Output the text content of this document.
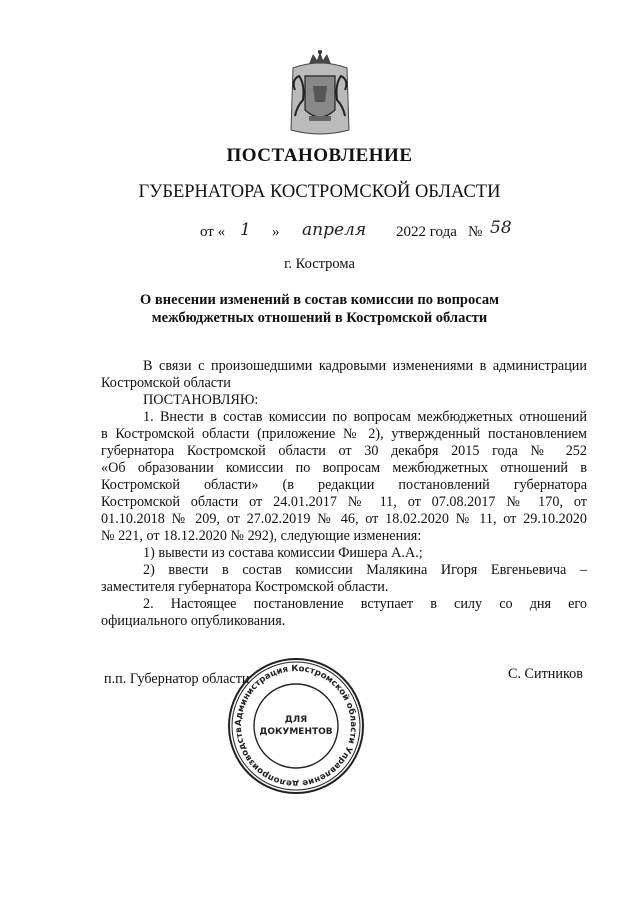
ПОСТАНОВЛЕНИЕ
ГУБЕРНАТОРА КОСТРОМСКОЙ ОБЛАСТИ
от « 1 » апреля 2022 года № 58
г. Кострома
О внесении изменений в состав комиссии по вопросам
межбюджетных отношений в Костромской области

В связи с произошедшими кадровыми изменениями в администрации

Костромской области

ПОСТАНОВЛЯЮ:

1. Внести в состав комиссии по вопросам межбюджетных отношений

в Костромской области (приложение № 2), утвержденный постановлением

губернатора Костромской области от 30 декабря 2015 года № 252

«Об образовании комиссии по вопросам межбюджетных отношений в

Костромской области» (в редакции постановлений губернатора

Костромской области от 24.01.2017 № 11, от 07.08.2017 № 170, от

01.10.2018 № 209, от 27.02.2019 № 46, от 18.02.2020 № 11, от 29.10.2020

№ 221, от 18.12.2020 № 292), следующие изменения:

1) вывести из состава комиссии Фишера А.А.;

2) ввести в состав комиссии Малякина Игоря Евгеньевича –

заместителя губернатора Костромской области.

2. Настоящее постановление вступает в силу со дня его

официального опубликования.

п.п. Губернатор области	С. Ситников
Администрация Костромской области Управление делопроизводств
ДЛЯ
ДОКУМЕНТОВ
